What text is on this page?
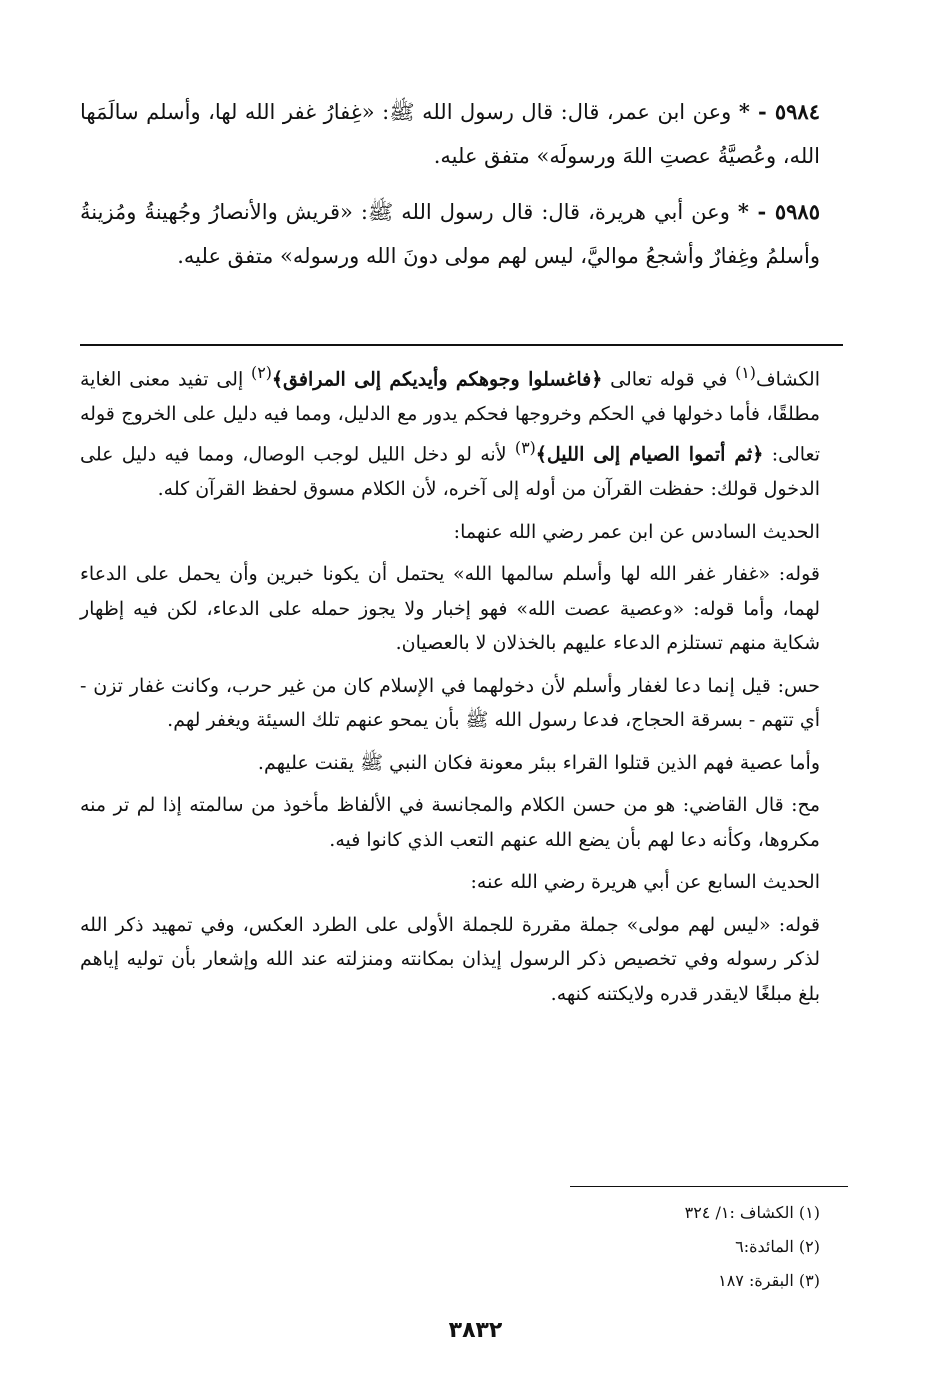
٥٩٨٤ - * وعن ابن عمر، قال: قال رسول الله ﷺ: «غِفارُ غفر الله لها، وأسلم سالَمَها الله، وعُصيَّةُ عصتِ اللهَ ورسولَه» متفق عليه.

٥٩٨٥ - * وعن أبي هريرة، قال: قال رسول الله ﷺ: «قريش والأنصارُ وجُهينةُ ومُزينةُ وأسلمُ وغِفارٌ وأشجعُ مواليَّ، ليس لهم مولى دونَ الله ورسوله» متفق عليه.

الكشاف$^{(١)}$ في قوله تعالى ﴿فاغسلوا وجوهكم وأيديكم إلى المرافق﴾$^{(٢)}$ إلى تفيد معنى الغاية مطلقًا، فأما دخولها في الحكم وخروجها فحكم يدور مع الدليل، ومما فيه دليل على الخروج قوله تعالى: ﴿ثم أتموا الصيام إلى الليل﴾$^{(٣)}$ لأنه لو دخل الليل لوجب الوصال، ومما فيه دليل على الدخول قولك: حفظت القرآن من أوله إلى آخره، لأن الكلام مسوق لحفظ القرآن كله.

الحديث السادس عن ابن عمر رضي الله عنهما:

قوله: «غفار غفر الله لها وأسلم سالمها الله» يحتمل أن يكونا خبرين وأن يحمل على الدعاء لهما، وأما قوله: «وعصية عصت الله» فهو إخبار ولا يجوز حمله على الدعاء، لكن فيه إظهار شكاية منهم تستلزم الدعاء عليهم بالخذلان لا بالعصيان.

حس: قيل إنما دعا لغفار وأسلم لأن دخولهما في الإسلام كان من غير حرب، وكانت غفار تزن - أي تتهم - بسرقة الحجاج، فدعا رسول الله ﷺ بأن يمحو عنهم تلك السيئة ويغفر لهم.

وأما عصية فهم الذين قتلوا القراء ببئر معونة فكان النبي ﷺ يقنت عليهم.

مح: قال القاضي: هو من حسن الكلام والمجانسة في الألفاظ مأخوذ من سالمته إذا لم تر منه مكروها، وكأنه دعا لهم بأن يضع الله عنهم التعب الذي كانوا فيه.

الحديث السابع عن أبي هريرة رضي الله عنه:

قوله: «ليس لهم مولى» جملة مقررة للجملة الأولى على الطرد العكس، وفي تمهيد ذكر الله لذكر رسوله وفي تخصيص ذكر الرسول إيذان بمكانته ومنزلته عند الله وإشعار بأن توليه إياهم بلغ مبلغًا لايقدر قدره ولايكتنه كنهه.

(١) الكشاف :١/ ٣٢٤
(٢) المائدة:٦
(٣) البقرة: ١٨٧
٣٨٣٢
